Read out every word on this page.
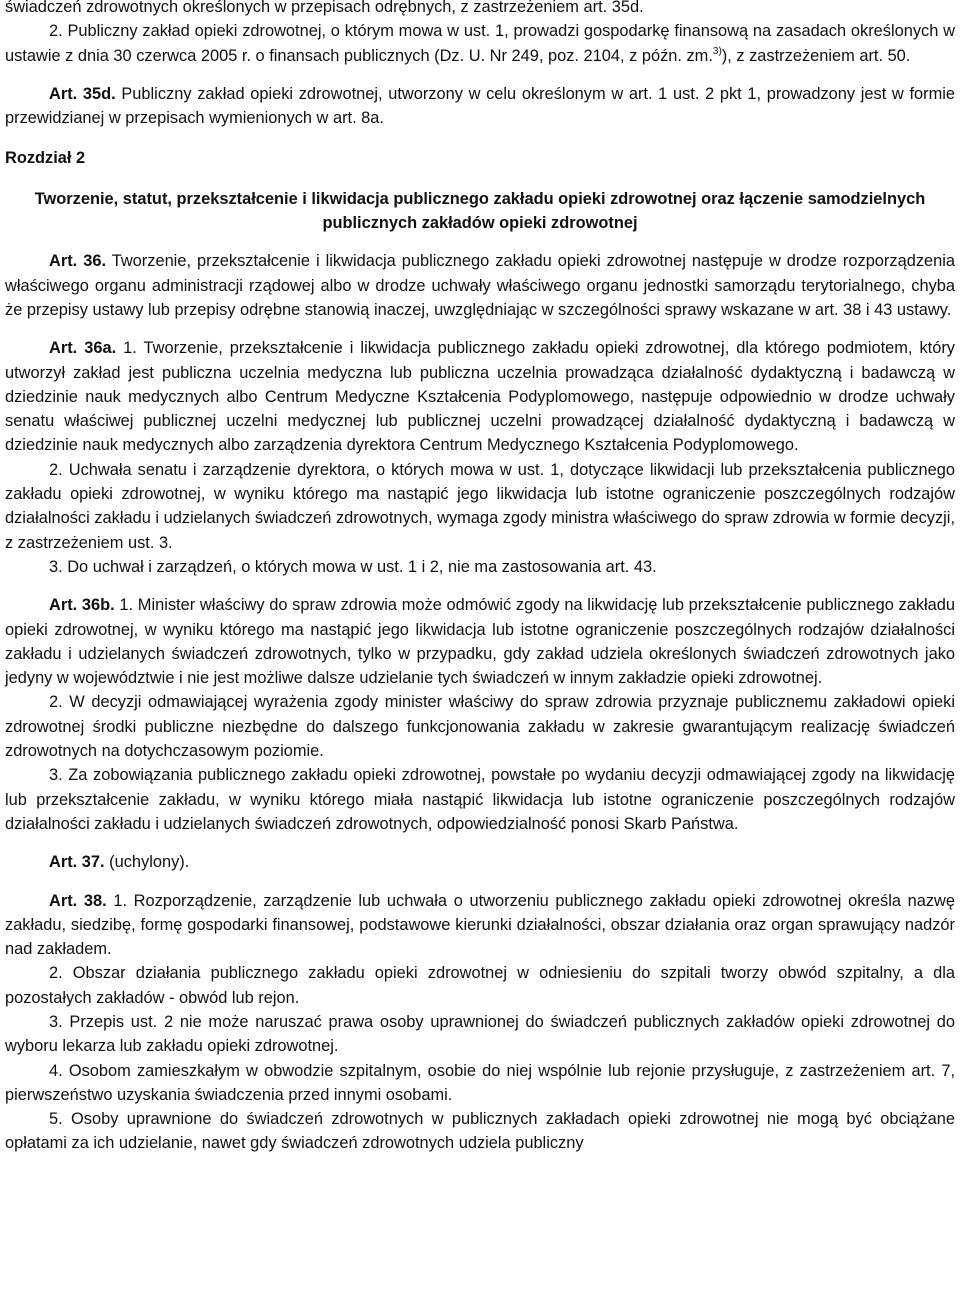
świadczeń zdrowotnych określonych w przepisach odrębnych, z zastrzeżeniem art. 35d.

2. Publiczny zakład opieki zdrowotnej, o którym mowa w ust. 1, prowadzi gospodarkę finansową na zasadach określonych w ustawie z dnia 30 czerwca 2005 r. o finansach publicznych (Dz. U. Nr 249, poz. 2104, z późn. zm.$^{3)}$), z zastrzeżeniem art. 50.

Art. 35d. Publiczny zakład opieki zdrowotnej, utworzony w celu określonym w art. 1 ust. 2 pkt 1, prowadzony jest w formie przewidzianej w przepisach wymienionych w art. 8a.

Rozdział 2

Tworzenie, statut, przekształcenie i likwidacja publicznego zakładu opieki zdrowotnej oraz łączenie samodzielnych publicznych zakładów opieki zdrowotnej

Art. 36. Tworzenie, przekształcenie i likwidacja publicznego zakładu opieki zdrowotnej następuje w drodze rozporządzenia właściwego organu administracji rządowej albo w drodze uchwały właściwego organu jednostki samorządu terytorialnego, chyba że przepisy ustawy lub przepisy odrębne stanowią inaczej, uwzględniając w szczególności sprawy wskazane w art. 38 i 43 ustawy.

Art. 36a. 1. Tworzenie, przekształcenie i likwidacja publicznego zakładu opieki zdrowotnej, dla którego podmiotem, który utworzył zakład jest publiczna uczelnia medyczna lub publiczna uczelnia prowadząca działalność dydaktyczną i badawczą w dziedzinie nauk medycznych albo Centrum Medyczne Kształcenia Podyplomowego, następuje odpowiednio w drodze uchwały senatu właściwej publicznej uczelni medycznej lub publicznej uczelni prowadzącej działalność dydaktyczną i badawczą w dziedzinie nauk medycznych albo zarządzenia dyrektora Centrum Medycznego Kształcenia Podyplomowego.

2. Uchwała senatu i zarządzenie dyrektora, o których mowa w ust. 1, dotyczące likwidacji lub przekształcenia publicznego zakładu opieki zdrowotnej, w wyniku którego ma nastąpić jego likwidacja lub istotne ograniczenie poszczególnych rodzajów działalności zakładu i udzielanych świadczeń zdrowotnych, wymaga zgody ministra właściwego do spraw zdrowia w formie decyzji, z zastrzeżeniem ust. 3.

3. Do uchwał i zarządzeń, o których mowa w ust. 1 i 2, nie ma zastosowania art. 43.

Art. 36b. 1. Minister właściwy do spraw zdrowia może odmówić zgody na likwidację lub przekształcenie publicznego zakładu opieki zdrowotnej, w wyniku którego ma nastąpić jego likwidacja lub istotne ograniczenie poszczególnych rodzajów działalności zakładu i udzielanych świadczeń zdrowotnych, tylko w przypadku, gdy zakład udziela określonych świadczeń zdrowotnych jako jedyny w województwie i nie jest możliwe dalsze udzielanie tych świadczeń w innym zakładzie opieki zdrowotnej.

2. W decyzji odmawiającej wyrażenia zgody minister właściwy do spraw zdrowia przyznaje publicznemu zakładowi opieki zdrowotnej środki publiczne niezbędne do dalszego funkcjonowania zakładu w zakresie gwarantującym realizację świadczeń zdrowotnych na dotychczasowym poziomie.

3. Za zobowiązania publicznego zakładu opieki zdrowotnej, powstałe po wydaniu decyzji odmawiającej zgody na likwidację lub przekształcenie zakładu, w wyniku którego miała nastąpić likwidacja lub istotne ograniczenie poszczególnych rodzajów działalności zakładu i udzielanych świadczeń zdrowotnych, odpowiedzialność ponosi Skarb Państwa.

Art. 37. (uchylony).

Art. 38. 1. Rozporządzenie, zarządzenie lub uchwała o utworzeniu publicznego zakładu opieki zdrowotnej określa nazwę zakładu, siedzibę, formę gospodarki finansowej, podstawowe kierunki działalności, obszar działania oraz organ sprawujący nadzór nad zakładem.

2. Obszar działania publicznego zakładu opieki zdrowotnej w odniesieniu do szpitali tworzy obwód szpitalny, a dla pozostałych zakładów - obwód lub rejon.

3. Przepis ust. 2 nie może naruszać prawa osoby uprawnionej do świadczeń publicznych zakładów opieki zdrowotnej do wyboru lekarza lub zakładu opieki zdrowotnej.

4. Osobom zamieszkałym w obwodzie szpitalnym, osobie do niej wspólnie lub rejonie przysługuje, z zastrzeżeniem art. 7, pierwszeństwo uzyskania świadczenia przed innymi osobami.

5. Osoby uprawnione do świadczeń zdrowotnych w publicznych zakładach opieki zdrowotnej nie mogą być obciążane opłatami za ich udzielanie, nawet gdy świadczeń zdrowotnych udziela publiczny
